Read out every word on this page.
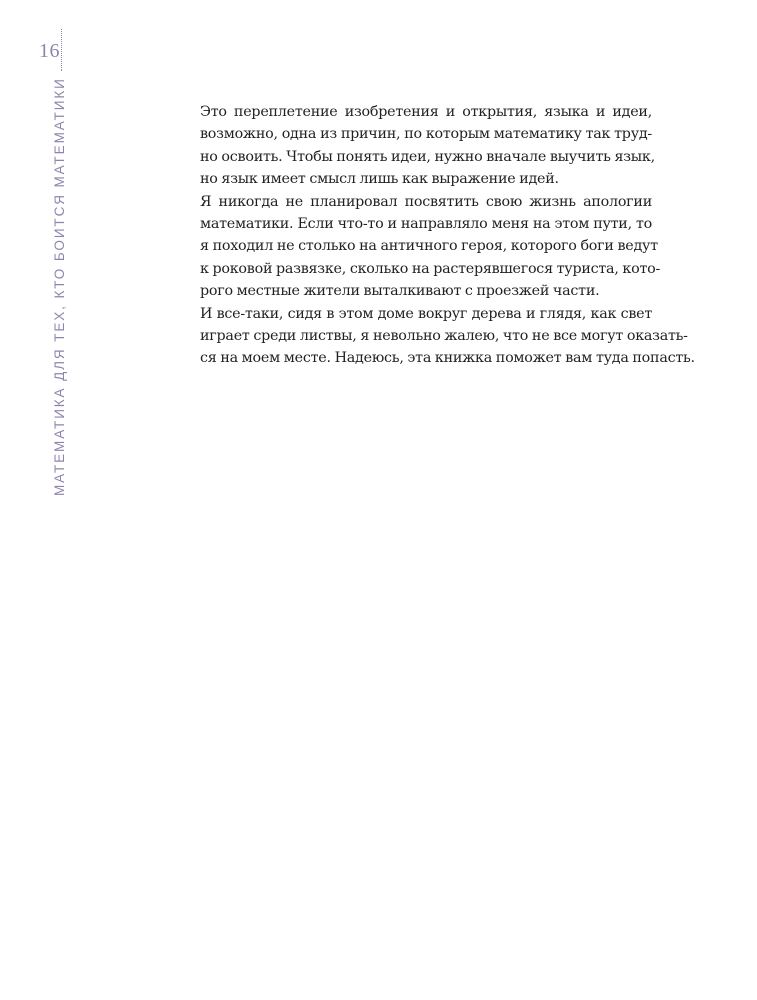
16
МАТЕМАТИКА ДЛЯ ТЕХ, КТО БОИТСЯ МАТЕМАТИКИ	Это переплетение изобретения и открытия, языка и идеи,
возможно, одна из причин, по которым математику так труд-
но освоить. Чтобы понять идеи, нужно вначале выучить язык,
но язык имеет смысл лишь как выражение идей.

Я никогда не планировал посвятить свою жизнь апологии
математики. Если что-то и направляло меня на этом пути, то
я походил не столько на античного героя, которого боги ведут
к роковой развязке, сколько на растерявшегося туриста, кото-
рого местные жители выталкивают с проезжей части.

И все-таки, сидя в этом доме вокруг дерева и глядя, как свет
играет среди листвы, я невольно жалею, что не все могут оказать-
ся на моем месте. Надеюсь, эта книжка поможет вам туда попасть.
